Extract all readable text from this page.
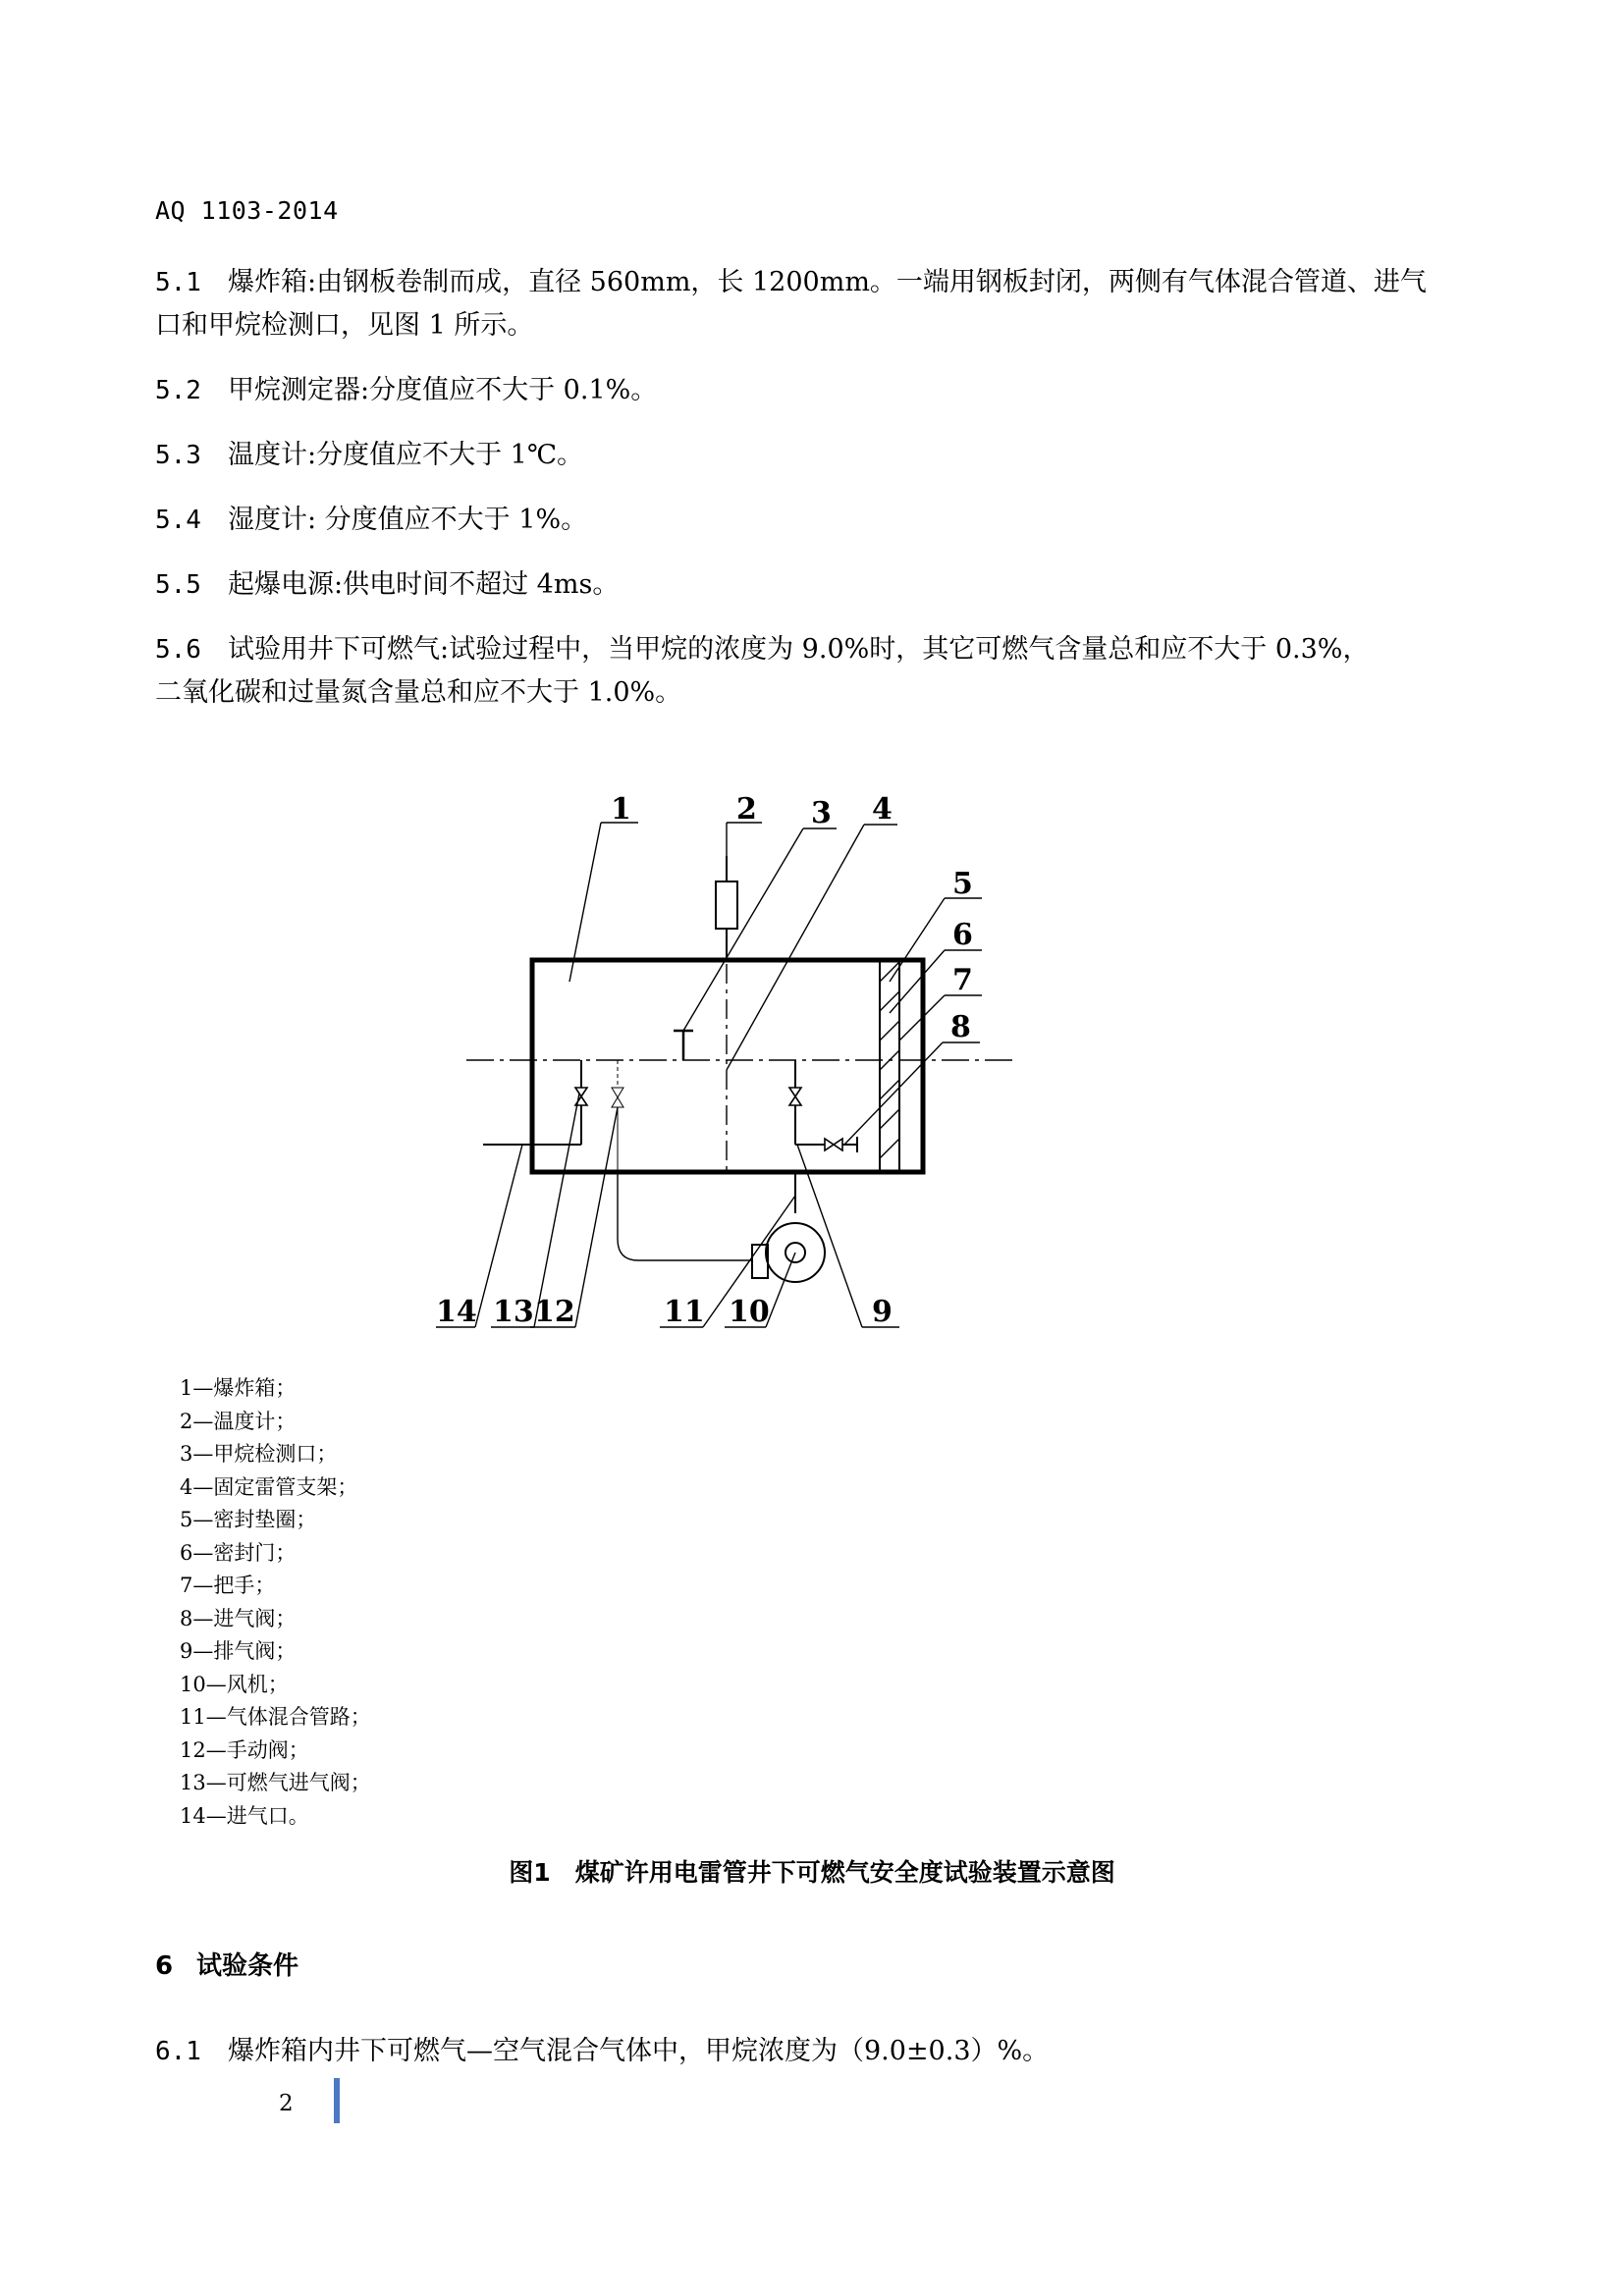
AQ 1103-2014
5.1 爆炸箱:由钢板卷制而成，直径 560mm，长 1200mm。一端用钢板封闭，两侧有气体混合管道、进气
口和甲烷检测口，见图 1 所示。
5.2 甲烷测定器:分度值应不大于 0.1%。
5.3 温度计:分度值应不大于 1℃。
5.4 湿度计: 分度值应不大于 1%。
5.5 起爆电源:供电时间不超过 4ms。
5.6 试验用井下可燃气:试验过程中，当甲烷的浓度为 9.0%时，其它可燃气含量总和应不大于 0.3%，
二氧化碳和过量氮含量总和应不大于 1.0%。
1	2 3 4
5
6
7
8
9
10
11
12
13
14
1—爆炸箱；
2—温度计；
3—甲烷检测口；
4—固定雷管支架；
5—密封垫圈；
6—密封门；
7—把手；
8—进气阀；
9—排气阀；
10—风机；
11—气体混合管路；
12—手动阀；
13—可燃气进气阀；
14—进气口。
图1　煤矿许用电雷管井下可燃气安全度试验装置示意图
6 试验条件
6.1 爆炸箱内井下可燃气—空气混合气体中，甲烷浓度为（9.0±0.3）%。
2
